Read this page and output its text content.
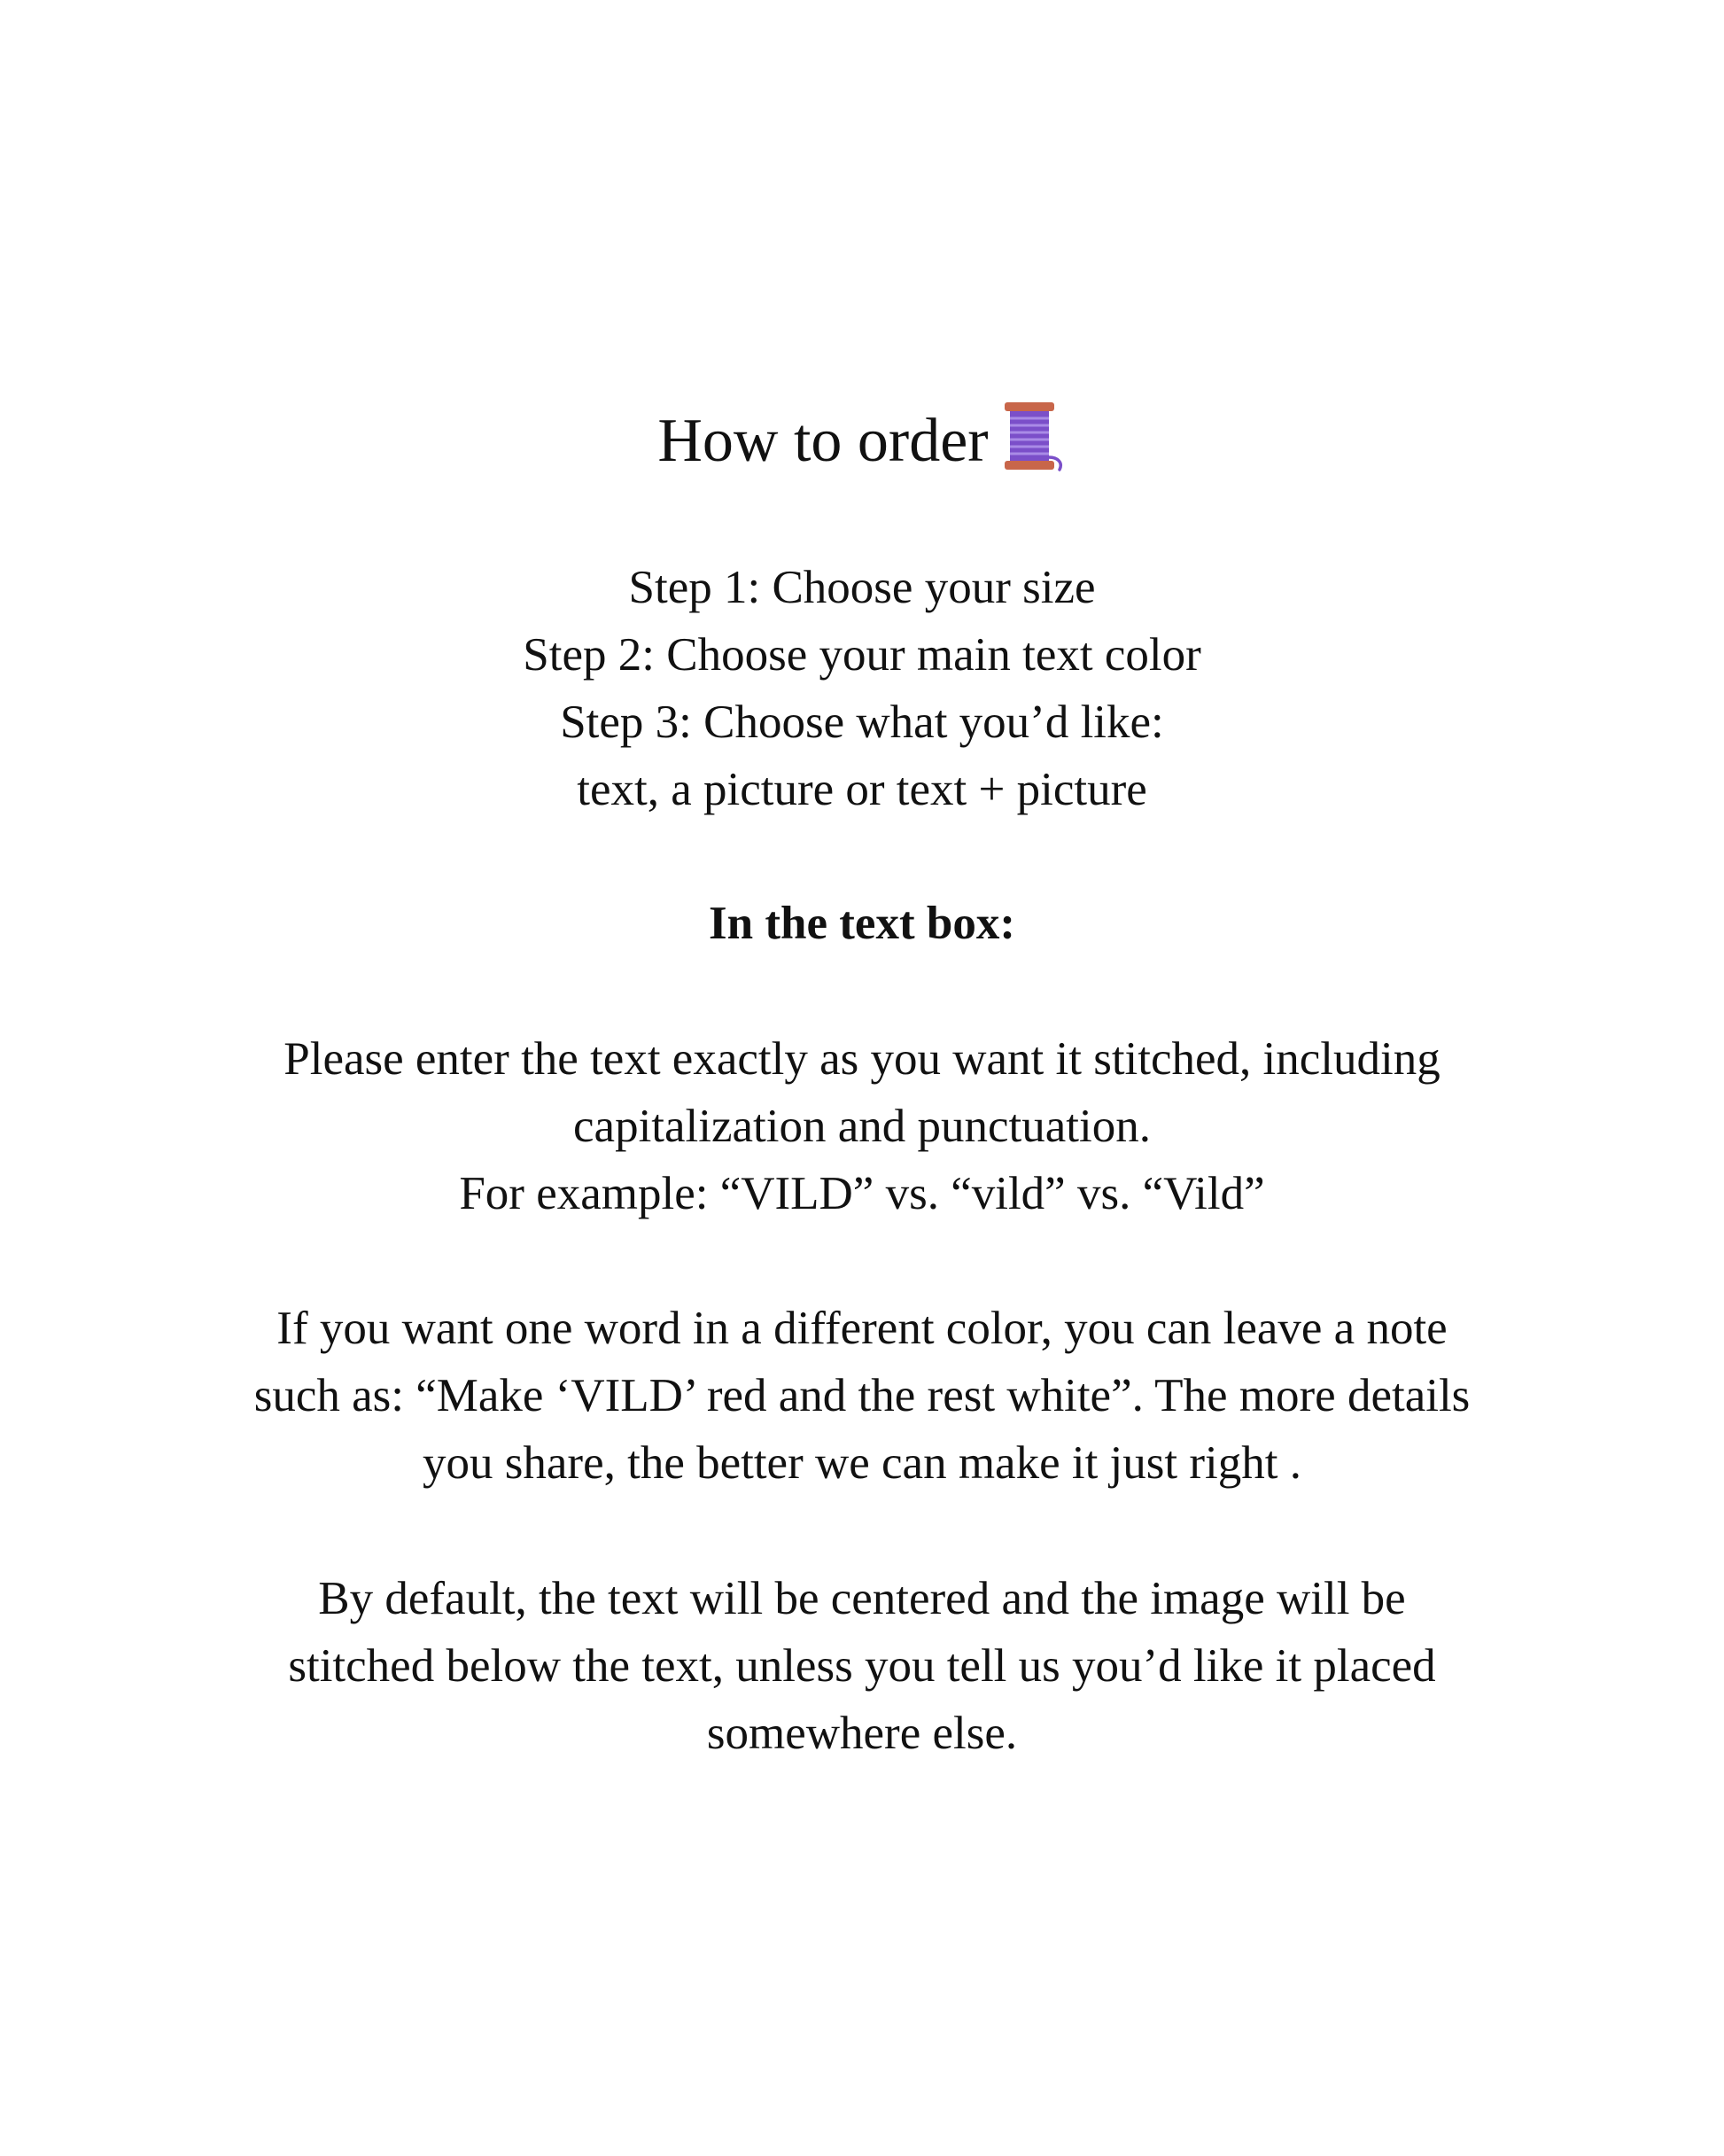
How to order
Step 1: Choose your size
Step 2: Choose your main text color
Step 3: Choose what you’d like:
text, a picture or text + picture
In the text box:
Please enter the text exactly as you want it stitched, including
capitalization and punctuation.
For example: “VILD” vs. “vild” vs. “Vild”
If you want one word in a different color, you can leave a note
such as: “Make ‘VILD’ red and the rest white”. The more details
you share, the better we can make it just right .
By default, the text will be centered and the image will be
stitched below the text, unless you tell us you’d like it placed
somewhere else.
